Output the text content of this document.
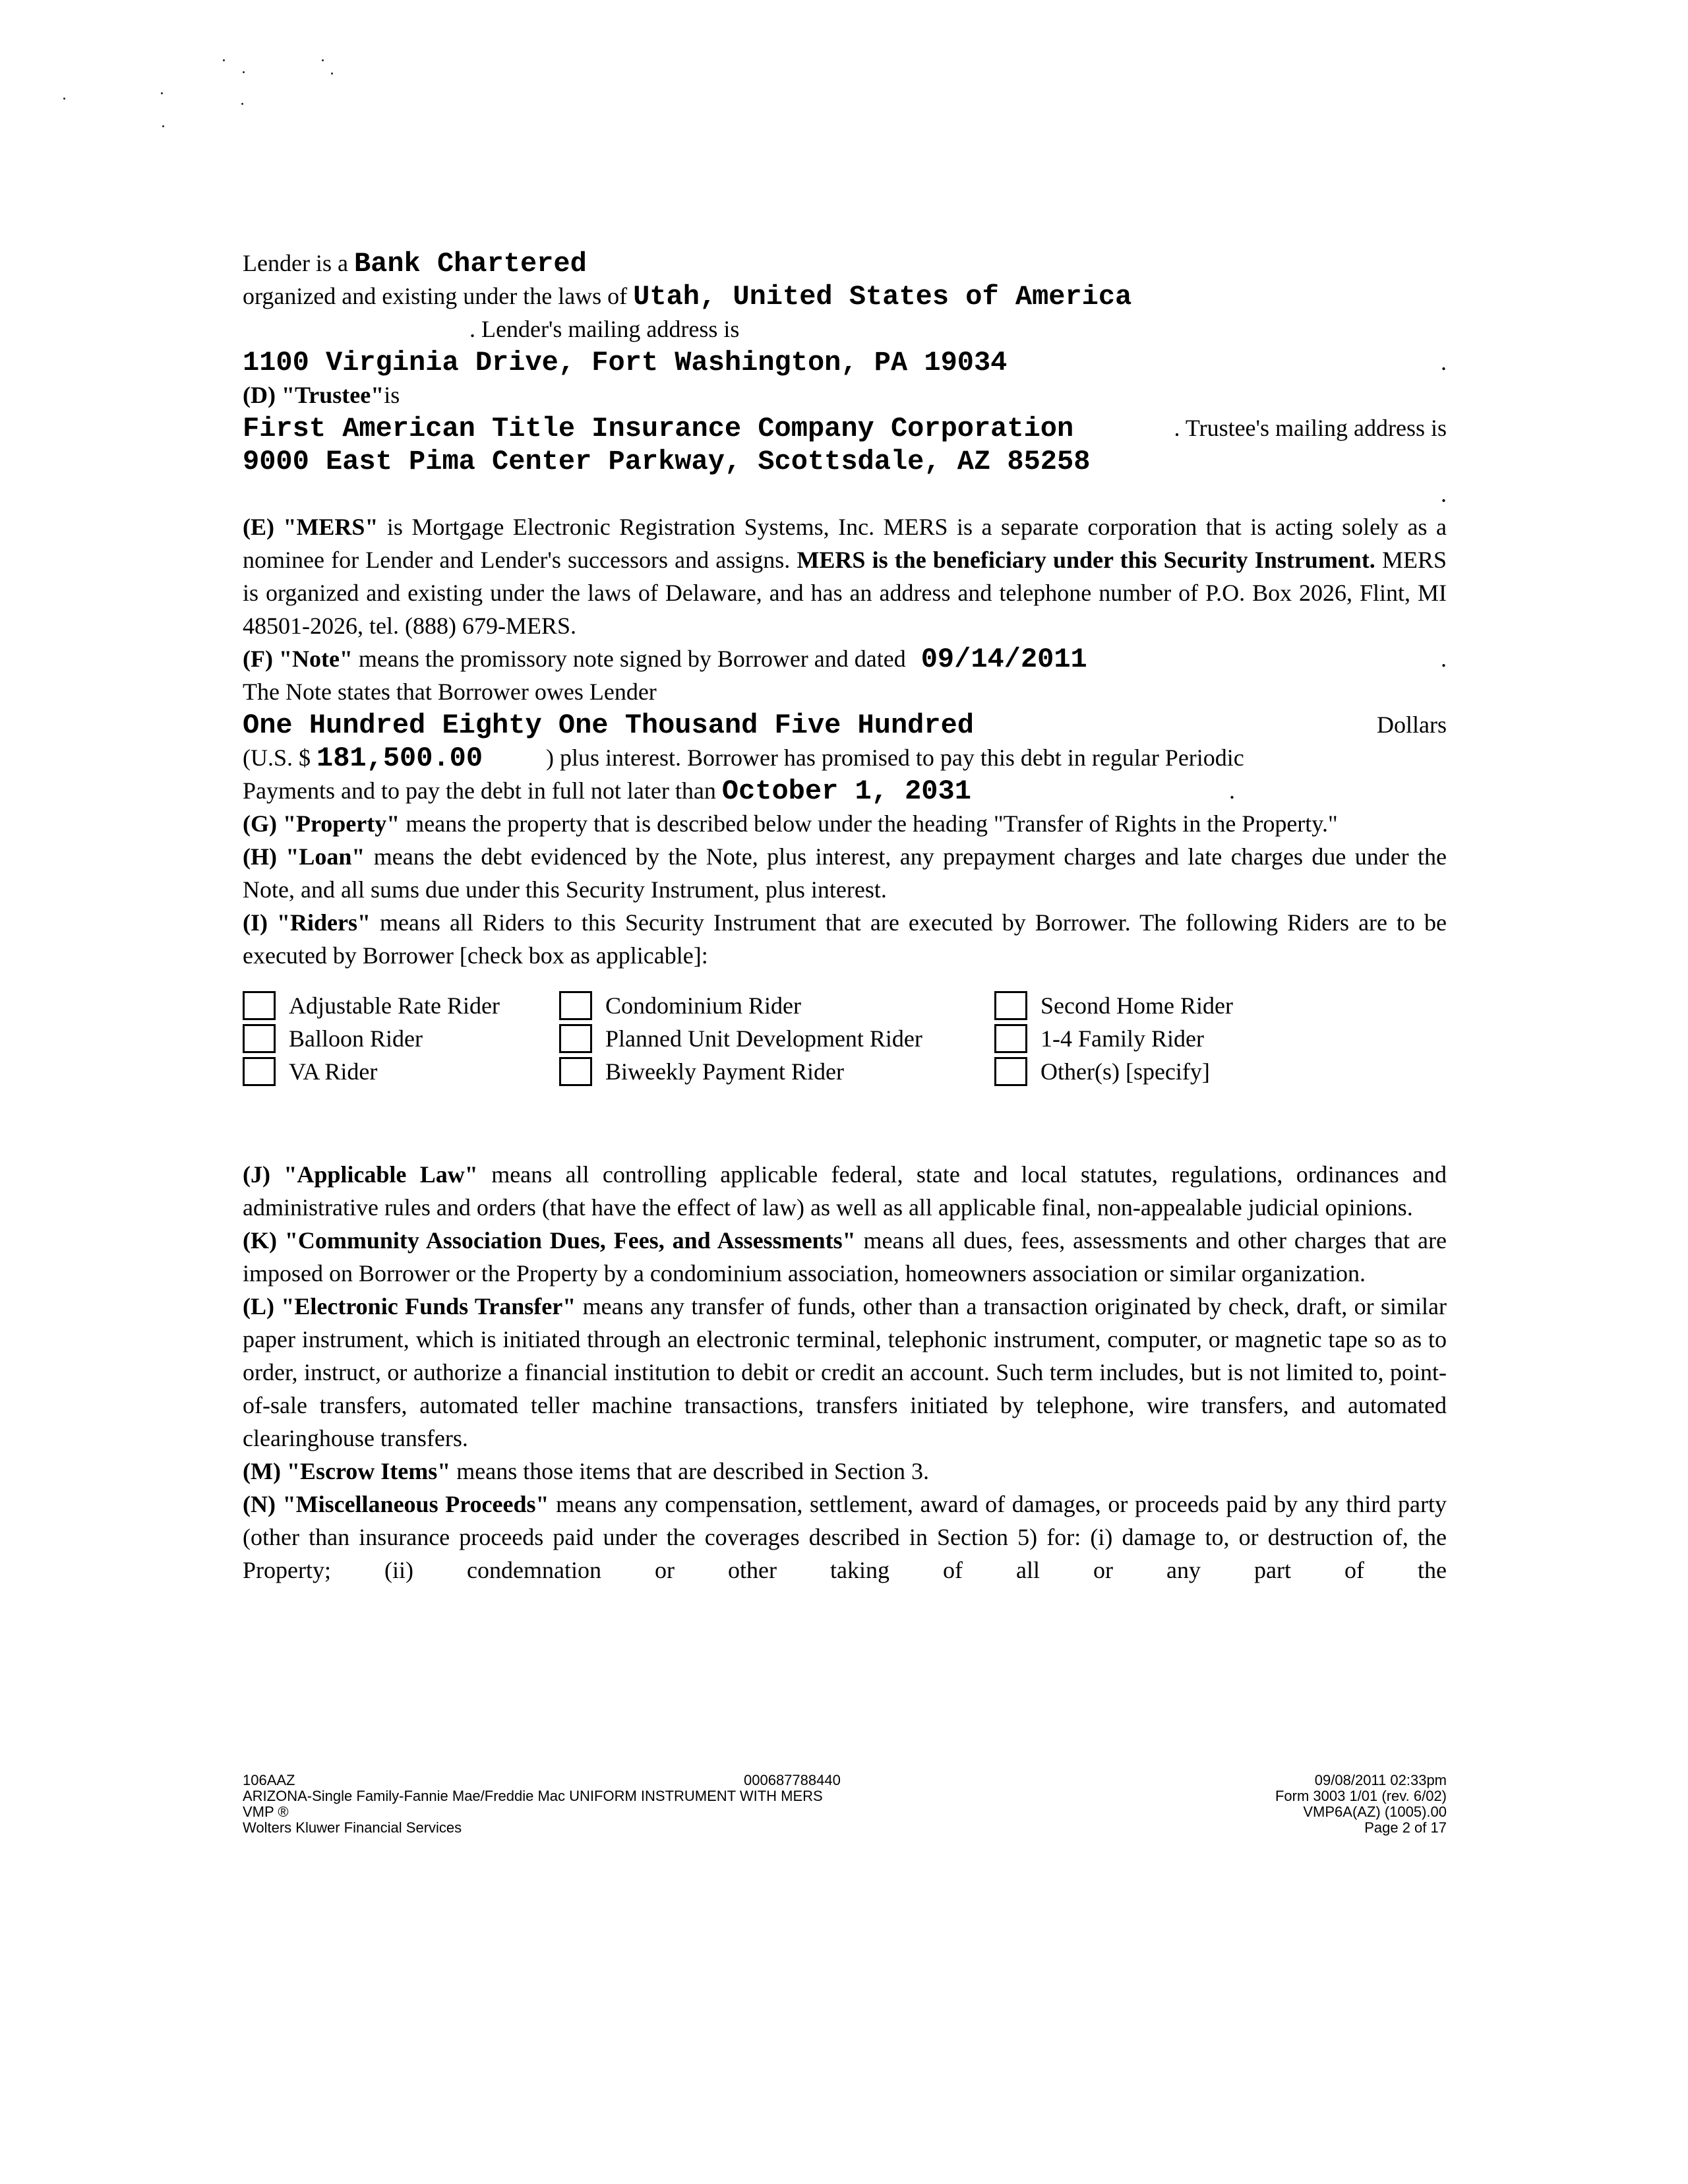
Lender is a Bank Chartered
organized and existing under the laws of Utah, United States of America
. Lender's mailing address is
1100 Virginia Drive, Fort Washington, PA 19034	.
(D) "Trustee"is
First American Title Insurance Company Corporation	. Trustee's mailing address is
9000 East Pima Center Parkway, Scottsdale, AZ 85258
.

(E) "MERS" is Mortgage Electronic Registration Systems, Inc. MERS is a separate corporation that is acting solely as a nominee for Lender and Lender's successors and assigns. MERS is the beneficiary under this Security Instrument. MERS is organized and existing under the laws of Delaware, and has an address and telephone number of P.O. Box 2026, Flint, MI 48501-2026, tel. (888) 679-MERS.

(F) "Note" means the promissory note signed by Borrower and dated 09/14/2011	.
The Note states that Borrower owes Lender
One Hundred Eighty One Thousand Five Hundred	Dollars
(U.S. $ 181,500.00	) plus interest. Borrower has promised to pay this debt in regular Periodic
Payments and to pay the debt in full not later than October 1, 2031	.

(G) "Property" means the property that is described below under the heading "Transfer of Rights in the Property."

(H) "Loan" means the debt evidenced by the Note, plus interest, any prepayment charges and late charges due under the Note, and all sums due under this Security Instrument, plus interest.

(I) "Riders" means all Riders to this Security Instrument that are executed by Borrower. The following Riders are to be executed by Borrower [check box as applicable]:

Adjustable Rate Rider	Condominium Rider	Second Home Rider
Balloon Rider	Planned Unit Development Rider	1-4 Family Rider
VA Rider	Biweekly Payment Rider	Other(s) [specify]

(J) "Applicable Law" means all controlling applicable federal, state and local statutes, regulations, ordinances and administrative rules and orders (that have the effect of law) as well as all applicable final, non-appealable judicial opinions.

(K) "Community Association Dues, Fees, and Assessments" means all dues, fees, assessments and other charges that are imposed on Borrower or the Property by a condominium association, homeowners association or similar organization.

(L) "Electronic Funds Transfer" means any transfer of funds, other than a transaction originated by check, draft, or similar paper instrument, which is initiated through an electronic terminal, telephonic instrument, computer, or magnetic tape so as to order, instruct, or authorize a financial institution to debit or credit an account. Such term includes, but is not limited to, point-of-sale transfers, automated teller machine transactions, transfers initiated by telephone, wire transfers, and automated clearinghouse transfers.

(M) "Escrow Items" means those items that are described in Section 3.

(N) "Miscellaneous Proceeds" means any compensation, settlement, award of damages, or proceeds paid by any third party (other than insurance proceeds paid under the coverages described in Section 5) for: (i) damage to, or destruction of, the Property; (ii) condemnation or other taking of all or any part of the

106AAZ
ARIZONA-Single Family-Fannie Mae/Freddie Mac UNIFORM INSTRUMENT WITH MERS
VMP ®
Wolters Kluwer Financial Services
000687788440	09/08/2011 02:33pm
Form 3003 1/01 (rev. 6/02)
VMP6A(AZ) (1005).00
Page 2 of 17
